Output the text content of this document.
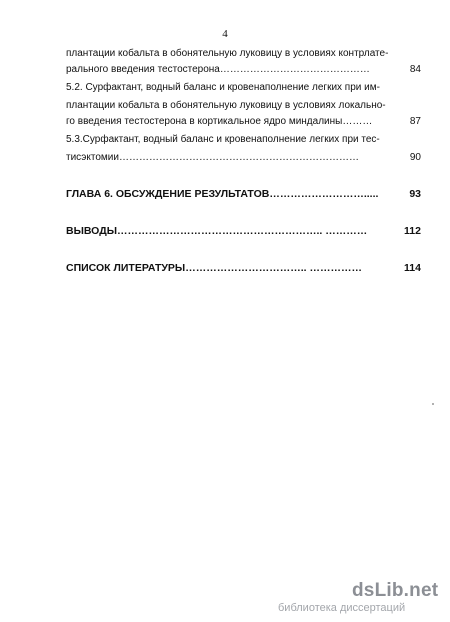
4
плантации кобальта в обонятельную луковицу в условиях контрлате-
рального введения тестостерона………………………………………	84
5.2. Сурфактант, водный баланс и кровенаполнение легких при им-
плантации кобальта в обонятельную луковицу в условиях локально-
го введения тестостерона в кортикальное ядро миндалины………	87
5.3.Сурфактант, водный баланс и кровенаполнение легких при тес-
тисэктомии………………………………………………………………	90
ГЛАВА 6. ОБСУЖДЕНИЕ РЕЗУЛЬТАТОВ……………………….....	93
ВЫВОДЫ………………………………………………….. …………	112
СПИСОК ЛИТЕРАТУРЫ…………………………….. ……………	114
dsLib.net
библиотека диссертаций
